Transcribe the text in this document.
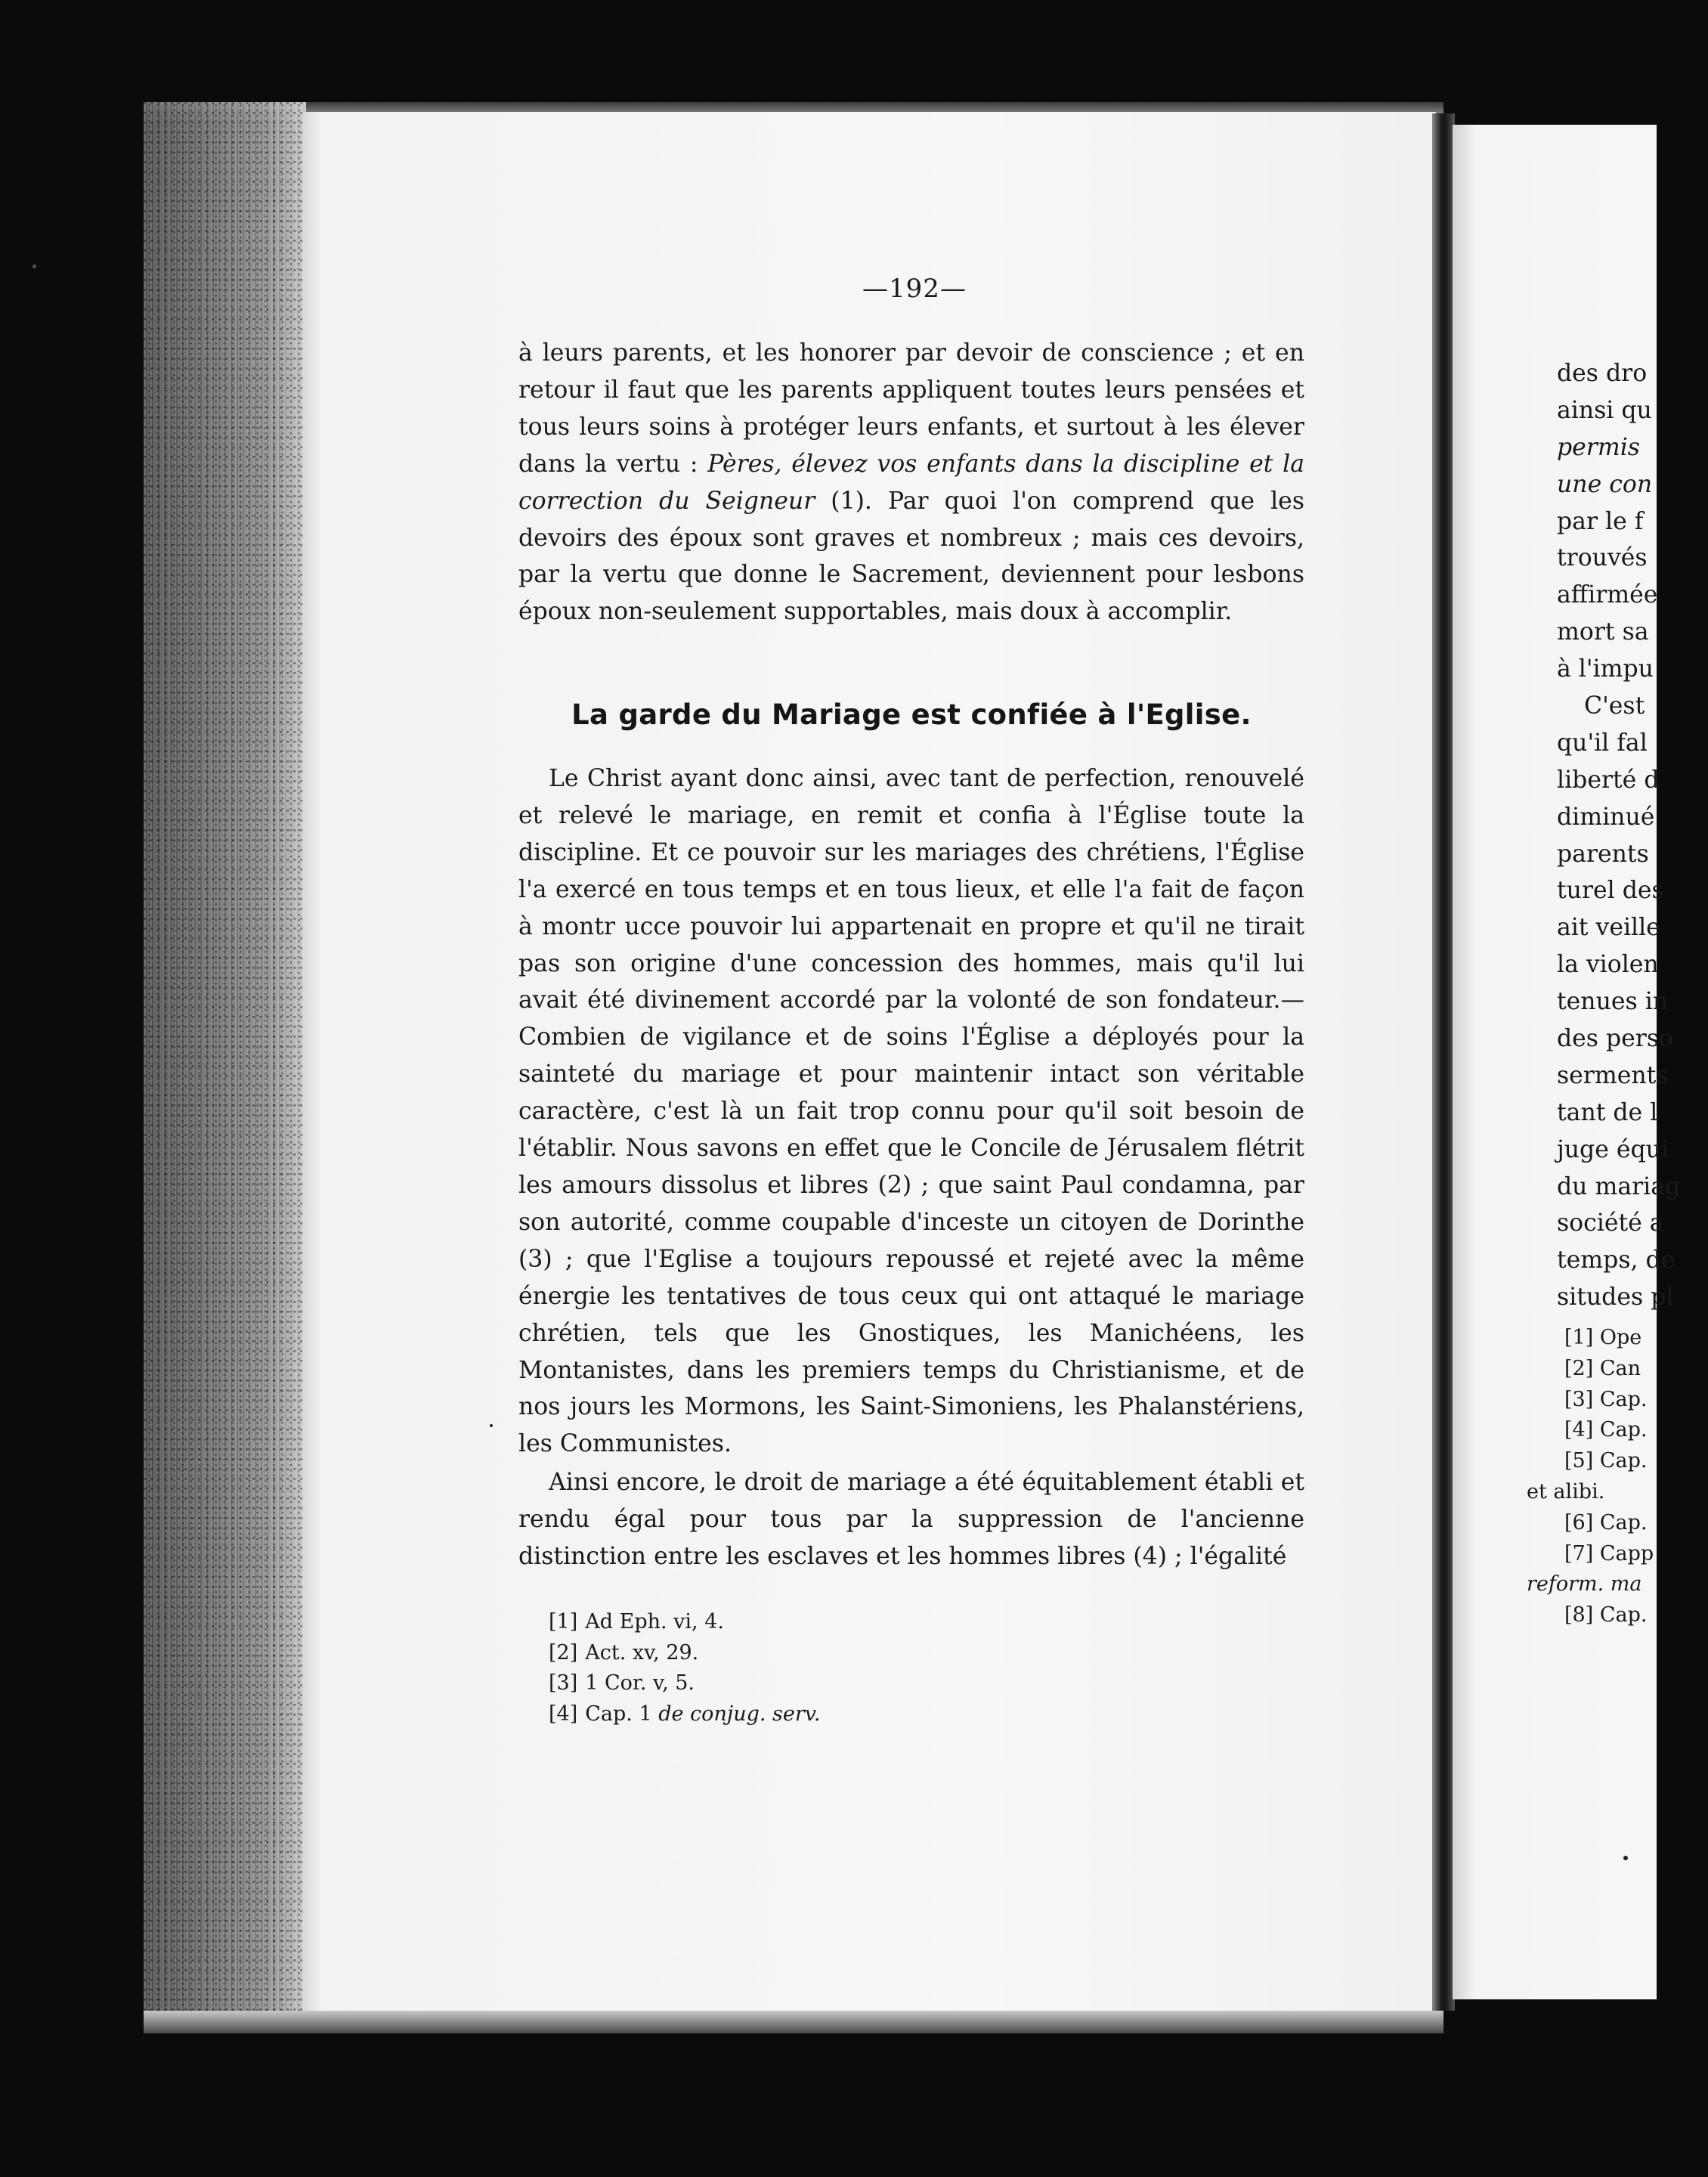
—192—

à leurs parents, et les honorer par devoir de conscience ; et en retour il faut que les parents appliquent toutes leurs pensées et tous leurs soins à protéger leurs enfants, et surtout à les élever dans la vertu : Pères, élevez vos enfants dans la discipline et la correction du Seigneur (1). Par quoi l'on comprend que les devoirs des époux sont graves et nombreux ; mais ces devoirs, par la vertu que donne le Sacrement, deviennent pour lesbons époux non-seulement supportables, mais doux à accomplir.

La garde du Mariage est confiée à l'Eglise.

Le Christ ayant donc ainsi, avec tant de perfection, renouvelé et relevé le mariage, en remit et confia à l'Église toute la discipline. Et ce pouvoir sur les mariages des chrétiens, l'Église l'a exercé en tous temps et en tous lieux, et elle l'a fait de façon à montr ucce pouvoir lui appartenait en propre et qu'il ne tirait pas son origine d'une concession des hommes, mais qu'il lui avait été divinement accordé par la volonté de son fondateur.—Combien de vigilance et de soins l'Église a déployés pour la sainteté du mariage et pour maintenir intact son véritable caractère, c'est là un fait trop connu pour qu'il soit besoin de l'établir. Nous savons en effet que le Concile de Jérusalem flétrit les amours dissolus et libres (2) ; que saint Paul condamna, par son autorité, comme coupable d'inceste un citoyen de Dorinthe (3) ; que l'Eglise a toujours repoussé et rejeté avec la même énergie les tentatives de tous ceux qui ont attaqué le mariage chrétien, tels que les Gnostiques, les Manichéens, les Montanistes, dans les premiers temps du Christianisme, et de nos jours les Mormons, les Saint-Simoniens, les Phalanstériens, les Communistes.

Ainsi encore, le droit de mariage a été équitablement établi et rendu égal pour tous par la suppression de l'ancienne distinction entre les esclaves et les hommes libres (4) ; l'égalité

[1] Ad Eph. vi, 4.
[2] Act. xv, 29.
[3] 1 Cor. v, 5.
[4] Cap. 1 de conjug. serv.
des dro
ainsi qu
permis
une con
par le f
trouvés
affirmée
mort sa
à l'impu
C'est
qu'il fal
liberté d
diminué
parents
turel des
ait veille
la violen
tenues in
des perso
serments
tant de l
juge équi
du mariag
société a
temps, de
situdes pl
[1] Ope
[2] Can
[3] Cap.
[4] Cap.
[5] Cap.
et alibi.
[6] Cap.
[7] Capp
reform. ma
[8] Cap.
